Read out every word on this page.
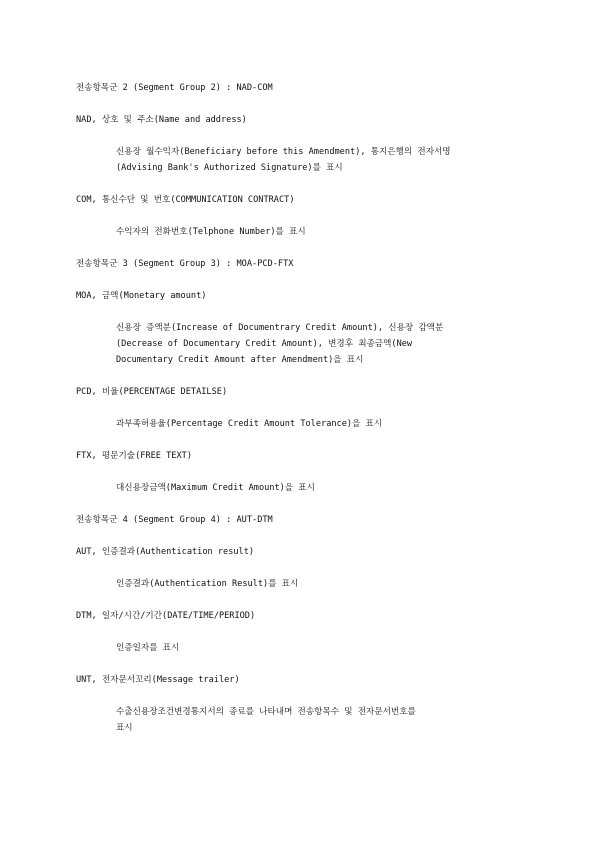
전송항목군 2 (Segment Group 2) : NAD-COM
NAD, 상호 및 주소(Name and address)
신용장 월수익자(Beneficiary before this Amendment), 통지은행의 전자서명
(Advising Bank's Authorized Signature)를 표시
COM, 통신수단 및 번호(COMMUNICATION CONTRACT)
수익자의 전화번호(Telphone Number)를 표시
전송항목군 3 (Segment Group 3) : MOA-PCD-FTX
MOA, 금액(Monetary amount)
신용장 증액분(Increase of Documentrary Credit Amount), 신용장 감액분
(Decrease of Documentary Credit Amount), 변경후 최종금액(New
Documentary Credit Amount after Amendment)을 표시
PCD, 비율(PERCENTAGE DETAILSE)
과부족허용율(Percentage Credit Amount Tolerance)을 표시
FTX, 평문기술(FREE TEXT)
대신용장금액(Maximum Credit Amount)을 표시
전송항목군 4 (Segment Group 4) : AUT-DTM
AUT, 인증결과(Authentication result)
인증결과(Authentication Result)를 표시
DTM, 일자/시간/기간(DATE/TIME/PERIOD)
인증일자를 표시
UNT, 전자문서꼬리(Message trailer)
수출신용장조건변경통지서의 종료를 나타내며 전송항목수 및 전자문서번호를
표시
